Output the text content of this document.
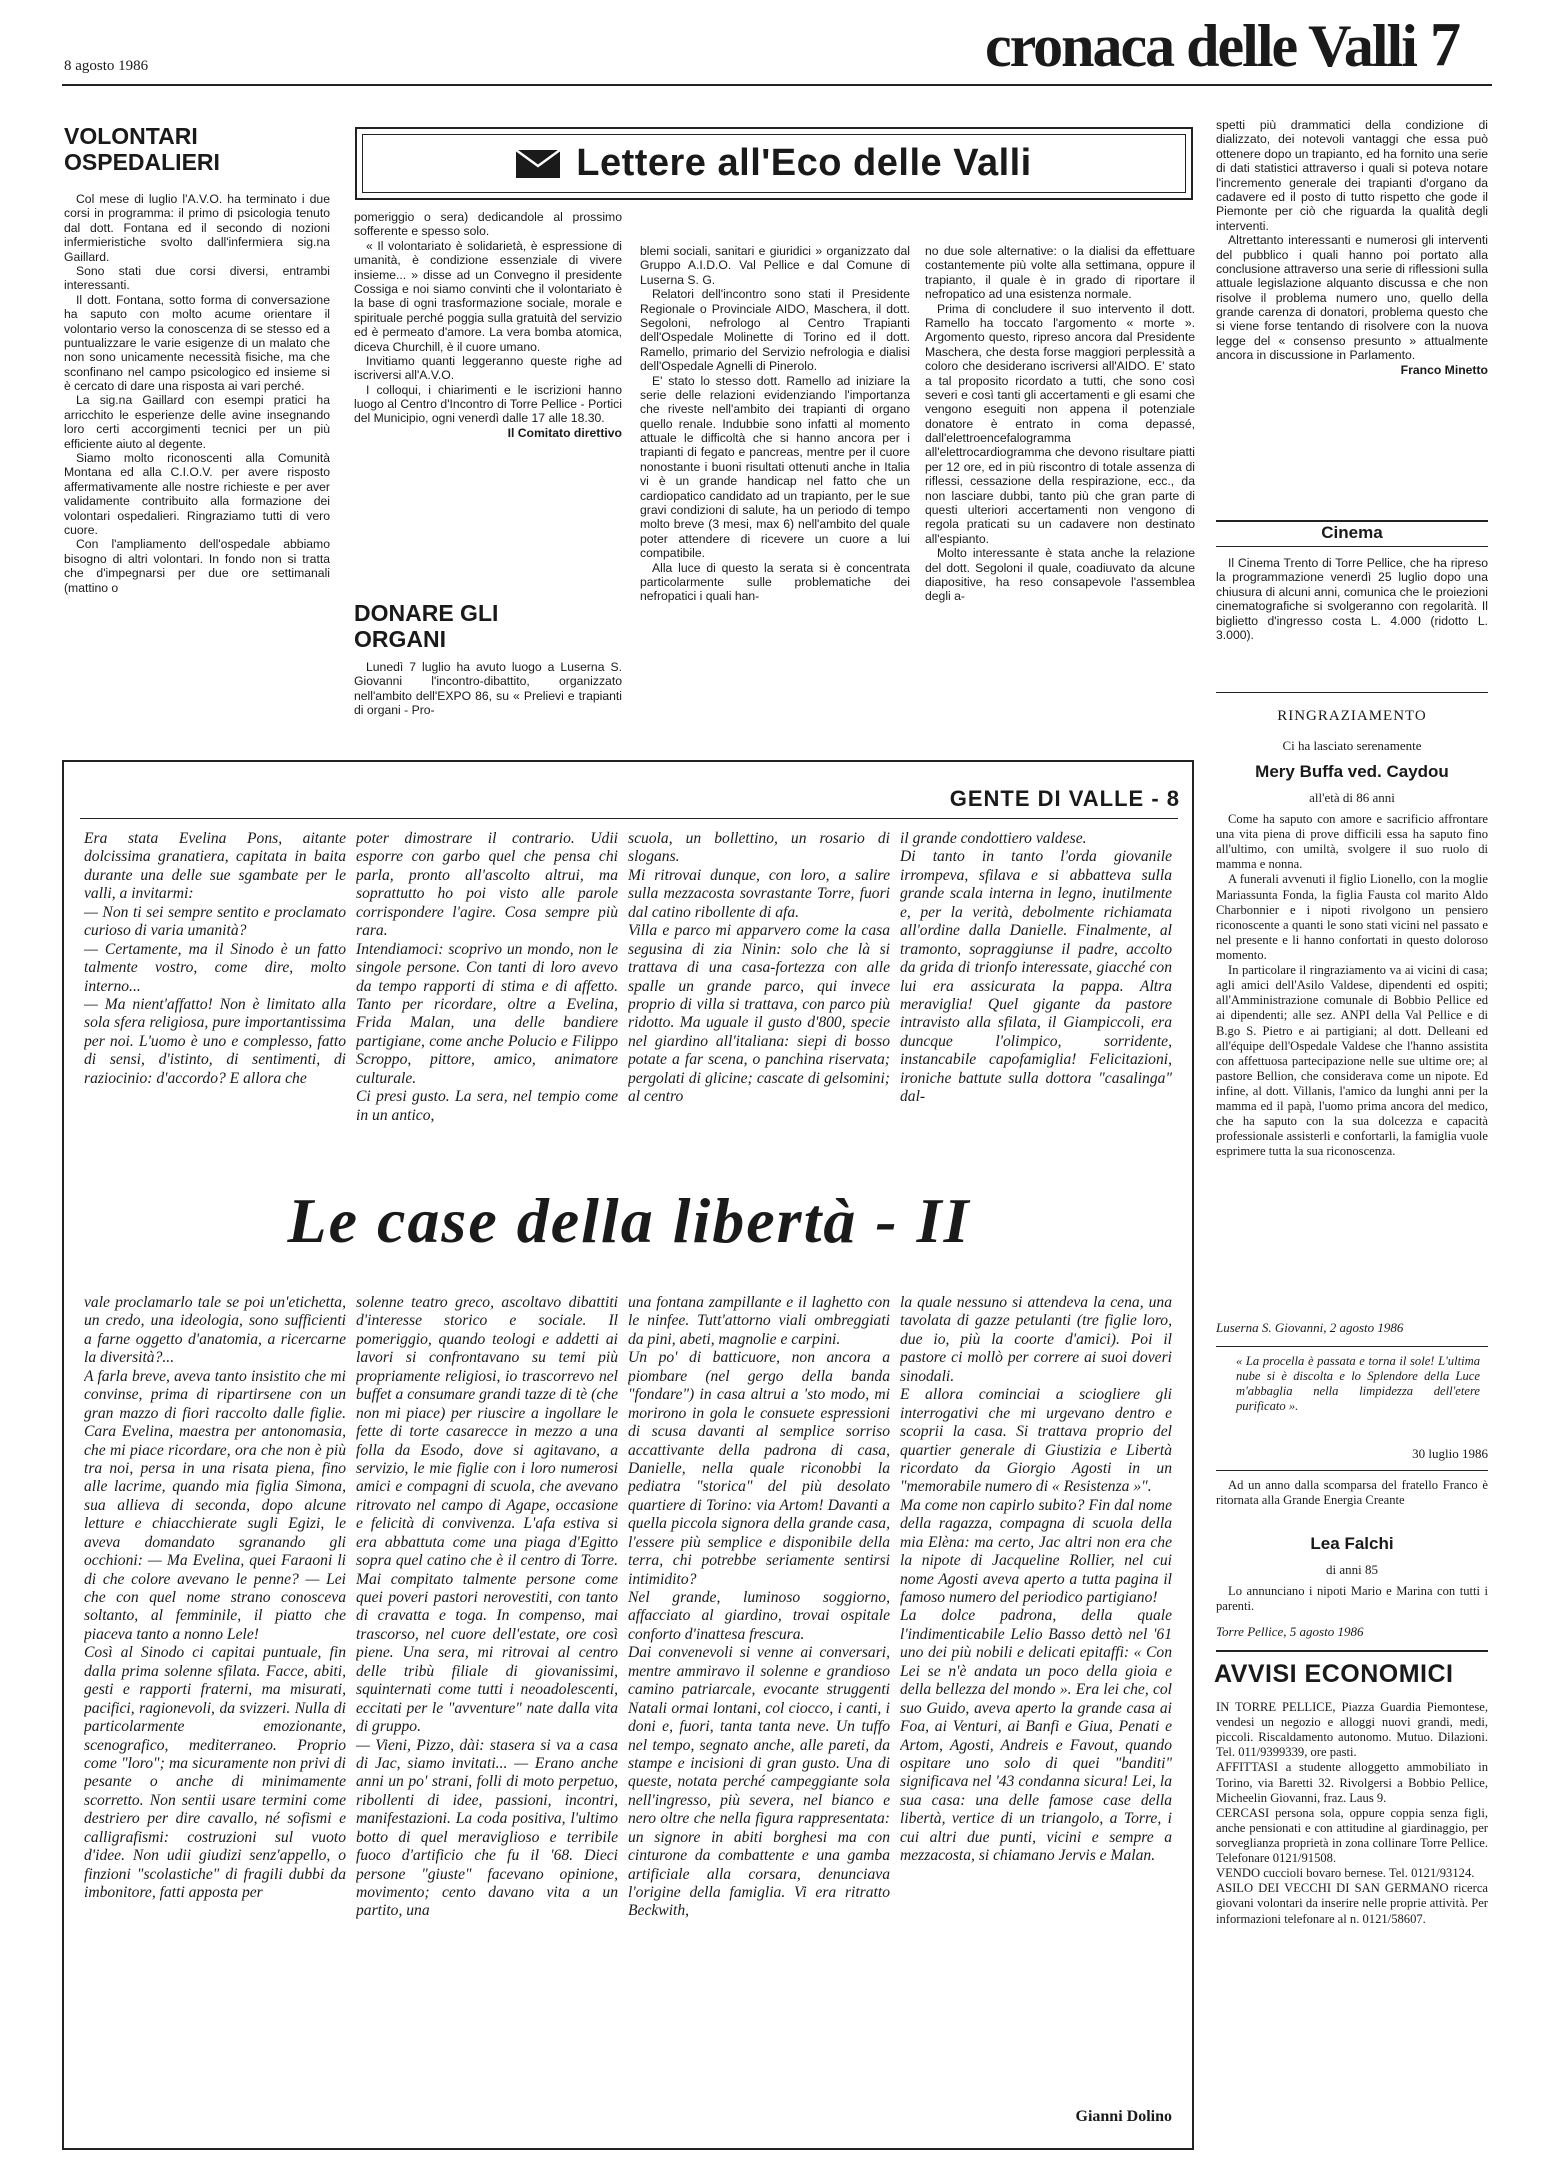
8 agosto 1986	cronaca delle Valli 7
VOLONTARI OSPEDALIERI

Col mese di luglio l'A.V.O. ha terminato i due corsi in programma: il primo di psicologia tenuto dal dott. Fontana ed il secondo di nozioni infermieristiche svolto dall'infermiera sig.na Gaillard.

Sono stati due corsi diversi, entrambi interessanti.

Il dott. Fontana, sotto forma di conversazione ha saputo con molto acume orientare il volontario verso la conoscenza di se stesso ed a puntualizzare le varie esigenze di un malato che non sono unicamente necessità fisiche, ma che sconfinano nel campo psicologico ed insieme si è cercato di dare una risposta ai vari perché.

La sig.na Gaillard con esempi pratici ha arricchito le esperienze delle avine insegnando loro certi accorgimenti tecnici per un più efficiente aiuto al degente.

Siamo molto riconoscenti alla Comunità Montana ed alla C.I.O.V. per avere risposto affermativamente alle nostre richieste e per aver validamente contribuito alla formazione dei volontari ospedalieri. Ringraziamo tutti di vero cuore.

Con l'ampliamento dell'ospedale abbiamo bisogno di altri volontari. In fondo non si tratta che d'impegnarsi per due ore settimanali (mattino o

Lettere all'Eco delle Valli

pomeriggio o sera) dedicandole al prossimo sofferente e spesso solo.

« Il volontariato è solidarietà, è espressione di umanità, è condizione essenziale di vivere insieme... » disse ad un Convegno il presidente Cossiga e noi siamo convinti che il volontariato è la base di ogni trasformazione sociale, morale e spirituale perché poggia sulla gratuità del servizio ed è permeato d'amore. La vera bomba atomica, diceva Churchill, è il cuore umano.

Invitiamo quanti leggeranno queste righe ad iscriversi all'A.V.O.

I colloqui, i chiarimenti e le iscrizioni hanno luogo al Centro d'Incontro di Torre Pellice - Portici del Municipio, ogni venerdì dalle 17 alle 18.30.

Il Comitato direttivo

DONARE GLI ORGANI

Lunedì 7 luglio ha avuto luogo a Luserna S. Giovanni l'incontro-dibattito, organizzato nell'ambito dell'EXPO 86, su « Prelievi e trapianti di organi - Pro-

blemi sociali, sanitari e giuridici » organizzato dal Gruppo A.I.D.O. Val Pellice e dal Comune di Luserna S. G.

Relatori dell'incontro sono stati il Presidente Regionale o Provinciale AIDO, Maschera, il dott. Segoloni, nefrologo al Centro Trapianti dell'Ospedale Molinette di Torino ed il dott. Ramello, primario del Servizio nefrologia e dialisi dell'Ospedale Agnelli di Pinerolo.

E' stato lo stesso dott. Ramello ad iniziare la serie delle relazioni evidenziando l'importanza che riveste nell'ambito dei trapianti di organo quello renale. Indubbie sono infatti al momento attuale le difficoltà che si hanno ancora per i trapianti di fegato e pancreas, mentre per il cuore nonostante i buoni risultati ottenuti anche in Italia vi è un grande handicap nel fatto che un cardiopatico candidato ad un trapianto, per le sue gravi condizioni di salute, ha un periodo di tempo molto breve (3 mesi, max 6) nell'ambito del quale poter attendere di ricevere un cuore a lui compatibile.

Alla luce di questo la serata si è concentrata particolarmente sulle problematiche dei nefropatici i quali han-

no due sole alternative: o la dialisi da effettuare costantemente più volte alla settimana, oppure il trapianto, il quale è in grado di riportare il nefropatico ad una esistenza normale.

Prima di concludere il suo intervento il dott. Ramello ha toccato l'argomento « morte ». Argomento questo, ripreso ancora dal Presidente Maschera, che desta forse maggiori perplessità a coloro che desiderano iscriversi all'AIDO. E' stato a tal proposito ricordato a tutti, che sono così severi e così tanti gli accertamenti e gli esami che vengono eseguiti non appena il potenziale donatore è entrato in coma depassé, dall'elettroencefalogramma all'elettrocardiogramma che devono risultare piatti per 12 ore, ed in più riscontro di totale assenza di riflessi, cessazione della respirazione, ecc., da non lasciare dubbi, tanto più che gran parte di questi ulteriori accertamenti non vengono di regola praticati su un cadavere non destinato all'espianto.

Molto interessante è stata anche la relazione del dott. Segoloni il quale, coadiuvato da alcune diapositive, ha reso consapevole l'assemblea degli a-

spetti più drammatici della condizione di dializzato, dei notevoli vantaggi che essa può ottenere dopo un trapianto, ed ha fornito una serie di dati statistici attraverso i quali si poteva notare l'incremento generale dei trapianti d'organo da cadavere ed il posto di tutto rispetto che gode il Piemonte per ciò che riguarda la qualità degli interventi.

Altrettanto interessanti e numerosi gli interventi del pubblico i quali hanno poi portato alla conclusione attraverso una serie di riflessioni sulla attuale legislazione alquanto discussa e che non risolve il problema numero uno, quello della grande carenza di donatori, problema questo che si viene forse tentando di risolvere con la nuova legge del « consenso presunto » attualmente ancora in discussione in Parlamento.

Franco Minetto

Cinema

Il Cinema Trento di Torre Pellice, che ha ripreso la programmazione venerdì 25 luglio dopo una chiusura di alcuni anni, comunica che le proiezioni cinematografiche si svolgeranno con regolarità. Il biglietto d'ingresso costa L. 4.000 (ridotto L. 3.000).

GENTE DI VALLE - 8
Era stata Evelina Pons, aitante dolcissima granatiera, capitata in baita durante una delle sue sgambate per le valli, a invitarmi:
— Non ti sei sempre sentito e proclamato curioso di varia umanità?
— Certamente, ma il Sinodo è un fatto talmente vostro, come dire, molto interno...
— Ma nient'affatto! Non è limitato alla sola sfera religiosa, pure importantissima per noi. L'uomo è uno e complesso, fatto di sensi, d'istinto, di sentimenti, di raziocinio: d'accordo? E allora che
poter dimostrare il contrario. Udii esporre con garbo quel che pensa chi parla, pronto all'ascolto altrui, ma soprattutto ho poi visto alle parole corrispondere l'agire. Cosa sempre più rara.
Intendiamoci: scoprivo un mondo, non le singole persone. Con tanti di loro avevo da tempo rapporti di stima e di affetto. Tanto per ricordare, oltre a Evelina, Frida Malan, una delle bandiere partigiane, come anche Polucio e Filippo Scroppo, pittore, amico, animatore culturale.
Ci presi gusto. La sera, nel tempio come in un antico,
scuola, un bollettino, un rosario di slogans.
Mi ritrovai dunque, con loro, a salire sulla mezzacosta sovrastante Torre, fuori dal catino ribollente di afa.
Villa e parco mi apparvero come la casa segusina di zia Ninin: solo che là si trattava di una casa-fortezza con alle spalle un grande parco, qui invece proprio di villa si trattava, con parco più ridotto. Ma uguale il gusto d'800, specie nel giardino all'italiana: siepi di bosso potate a far scena, o panchina riservata; pergolati di glicine; cascate di gelsomini; al centro
il grande condottiero valdese.
Di tanto in tanto l'orda giovanile irrompeva, sfilava e si abbatteva sulla grande scala interna in legno, inutilmente e, per la verità, debolmente richiamata all'ordine dalla Danielle. Finalmente, al tramonto, sopraggiunse il padre, accolto da grida di trionfo interessate, giacché con lui era assicurata la pappa. Altra meraviglia! Quel gigante da pastore intravisto alla sfilata, il Giampiccoli, era duncque l'olimpico, sorridente, instancabile capofamiglia! Felicitazioni, ironiche battute sulla dottora "casalinga" dal-
Le case della libertà - II
vale proclamarlo tale se poi un'etichetta, un credo, una ideologia, sono sufficienti a farne oggetto d'anatomia, a ricercarne la diversità?...
A farla breve, aveva tanto insistito che mi convinse, prima di ripartirsene con un gran mazzo di fiori raccolto dalle figlie. Cara Evelina, maestra per antonomasia, che mi piace ricordare, ora che non è più tra noi, persa in una risata piena, fino alle lacrime, quando mia figlia Simona, sua allieva di seconda, dopo alcune letture e chiacchierate sugli Egizi, le aveva domandato sgranando gli occhioni: — Ma Evelina, quei Faraoni li di che colore avevano le penne? — Lei che con quel nome strano conosceva soltanto, al femminile, il piatto che piaceva tanto a nonno Lele!
Così al Sinodo ci capitai puntuale, fin dalla prima solenne sfilata. Facce, abiti, gesti e rapporti fraterni, ma misurati, pacifici, ragionevoli, da svizzeri. Nulla di particolarmente emozionante, scenografico, mediterraneo. Proprio come "loro"; ma sicuramente non privi di pesante o anche di minimamente scorretto. Non sentii usare termini come destriero per dire cavallo, né sofismi e calligrafismi: costruzioni sul vuoto d'idee. Non udii giudizi senz'appello, o finzioni "scolastiche" di fragili dubbi da imbonitore, fatti apposta per
solenne teatro greco, ascoltavo dibattiti d'interesse storico e sociale. Il pomeriggio, quando teologi e addetti ai lavori si confrontavano su temi più propriamente religiosi, io trascorrevo nel buffet a consumare grandi tazze di tè (che non mi piace) per riuscire a ingollare le fette di torte casarecce in mezzo a una folla da Esodo, dove si agitavano, a servizio, le mie figlie con i loro numerosi amici e compagni di scuola, che avevano ritrovato nel campo di Agape, occasione e felicità di convivenza. L'afa estiva si era abbattuta come una piaga d'Egitto sopra quel catino che è il centro di Torre. Mai compitato talmente persone come quei poveri pastori nerovestiti, con tanto di cravatta e toga. In compenso, mai trascorso, nel cuore dell'estate, ore così piene. Una sera, mi ritrovai al centro delle tribù filiale di giovanissimi, squinternati come tutti i neoadolescenti, eccitati per le "avventure" nate dalla vita di gruppo.
— Vieni, Pizzo, dài: stasera si va a casa di Jac, siamo invitati... — Erano anche anni un po' strani, folli di moto perpetuo, ribollenti di idee, passioni, incontri, manifestazioni. La coda positiva, l'ultimo botto di quel meraviglioso e terribile fuoco d'artificio che fu il '68. Dieci persone "giuste" facevano opinione, movimento; cento davano vita a un partito, una
una fontana zampillante e il laghetto con le ninfee. Tutt'attorno viali ombreggiati da pini, abeti, magnolie e carpini.
Un po' di batticuore, non ancora a piombare (nel gergo della banda "fondare") in casa altrui a 'sto modo, mi morirono in gola le consuete espressioni di scusa davanti al semplice sorriso accattivante della padrona di casa, Danielle, nella quale riconobbi la pediatra "storica" del più desolato quartiere di Torino: via Artom! Davanti a quella piccola signora della grande casa, l'essere più semplice e disponibile della terra, chi potrebbe seriamente sentirsi intimidito?
Nel grande, luminoso soggiorno, affacciato al giardino, trovai ospitale conforto d'inattesa frescura.
Dai convenevoli si venne ai conversari, mentre ammiravo il solenne e grandioso camino patriarcale, evocante struggenti Natali ormai lontani, col ciocco, i canti, i doni e, fuori, tanta tanta neve. Un tuffo nel tempo, segnato anche, alle pareti, da stampe e incisioni di gran gusto. Una di queste, notata perché campeggiante sola nell'ingresso, più severa, nel bianco e nero oltre che nella figura rappresentata: un signore in abiti borghesi ma con cinturone da combattente e una gamba artificiale alla corsara, denunciava l'origine della famiglia. Vi era ritratto Beckwith,
la quale nessuno si attendeva la cena, una tavolata di gazze petulanti (tre figlie loro, due io, più la coorte d'amici). Poi il pastore ci mollò per correre ai suoi doveri sinodali.
E allora cominciai a sciogliere gli interrogativi che mi urgevano dentro e scoprii la casa. Si trattava proprio del quartier generale di Giustizia e Libertà ricordato da Giorgio Agosti in un "memorabile numero di « Resistenza »".
Ma come non capirlo subito? Fin dal nome della ragazza, compagna di scuola della mia Elèna: ma certo, Jac altri non era che la nipote di Jacqueline Rollier, nel cui nome Agosti aveva aperto a tutta pagina il famoso numero del periodico partigiano!
La dolce padrona, della quale l'indimenticabile Lelio Basso dettò nel '61 uno dei più nobili e delicati epitaffi: « Con Lei se n'è andata un poco della gioia e della bellezza del mondo ». Era lei che, col suo Guido, aveva aperto la grande casa ai Foa, ai Venturi, ai Banfi e Giua, Penati e Artom, Agosti, Andreis e Favout, quando ospitare uno solo di quei "banditi" significava nel '43 condanna sicura! Lei, la sua casa: una delle famose case della libertà, vertice di un triangolo, a Torre, i cui altri due punti, vicini e sempre a mezzacosta, si chiamano Jervis e Malan.
Gianni Dolino
RINGRAZIAMENTO
Ci ha lasciato serenamente
Mery Buffa ved. Caydou
all'età di 86 anni

Come ha saputo con amore e sacrificio affrontare una vita piena di prove difficili essa ha saputo fino all'ultimo, con umiltà, svolgere il suo ruolo di mamma e nonna.

A funerali avvenuti il figlio Lionello, con la moglie Mariassunta Fonda, la figlia Fausta col marito Aldo Charbonnier e i nipoti rivolgono un pensiero riconoscente a quanti le sono stati vicini nel passato e nel presente e li hanno confortati in questo doloroso momento.

In particolare il ringraziamento va ai vicini di casa; agli amici dell'Asilo Valdese, dipendenti ed ospiti; all'Amministrazione comunale di Bobbio Pellice ed ai dipendenti; alle sez. ANPI della Val Pellice e di B.go S. Pietro e ai partigiani; al dott. Delleani ed all'équipe dell'Ospedale Valdese che l'hanno assistita con affettuosa partecipazione nelle sue ultime ore; al pastore Bellion, che considerava come un nipote. Ed infine, al dott. Villanis, l'amico da lunghi anni per la mamma ed il papà, l'uomo prima ancora del medico, che ha saputo con la sua dolcezza e capacità professionale assisterli e confortarli, la famiglia vuole esprimere tutta la sua riconoscenza.

Luserna S. Giovanni, 2 agosto 1986
« La procella è passata e torna il sole! L'ultima nube si è discolta e lo Splendore della Luce m'abbaglia nella limpidezza dell'etere purificato ».
30 luglio 1986

Ad un anno dalla scomparsa del fratello Franco è ritornata alla Grande Energia Creante

Lea Falchi
di anni 85

Lo annunciano i nipoti Mario e Marina con tutti i parenti.

Torre Pellice, 5 agosto 1986
AVVISI ECONOMICI

IN TORRE PELLICE, Piazza Guardia Piemontese, vendesi un negozio e alloggi nuovi grandi, medi, piccoli. Riscaldamento autonomo. Mutuo. Dilazioni. Tel. 011/9399339, ore pasti.

AFFITTASI a studente alloggetto ammobiliato in Torino, via Baretti 32. Rivolgersi a Bobbio Pellice, Micheelin Giovanni, fraz. Laus 9.

CERCASI persona sola, oppure coppia senza figli, anche pensionati e con attitudine al giardinaggio, per sorveglianza proprietà in zona collinare Torre Pellice. Telefonare 0121/91508.

VENDO cuccioli bovaro bernese. Tel. 0121/93124.

ASILO DEI VECCHI DI SAN GERMANO ricerca giovani volontari da inserire nelle proprie attività. Per informazioni telefonare al n. 0121/58607.
